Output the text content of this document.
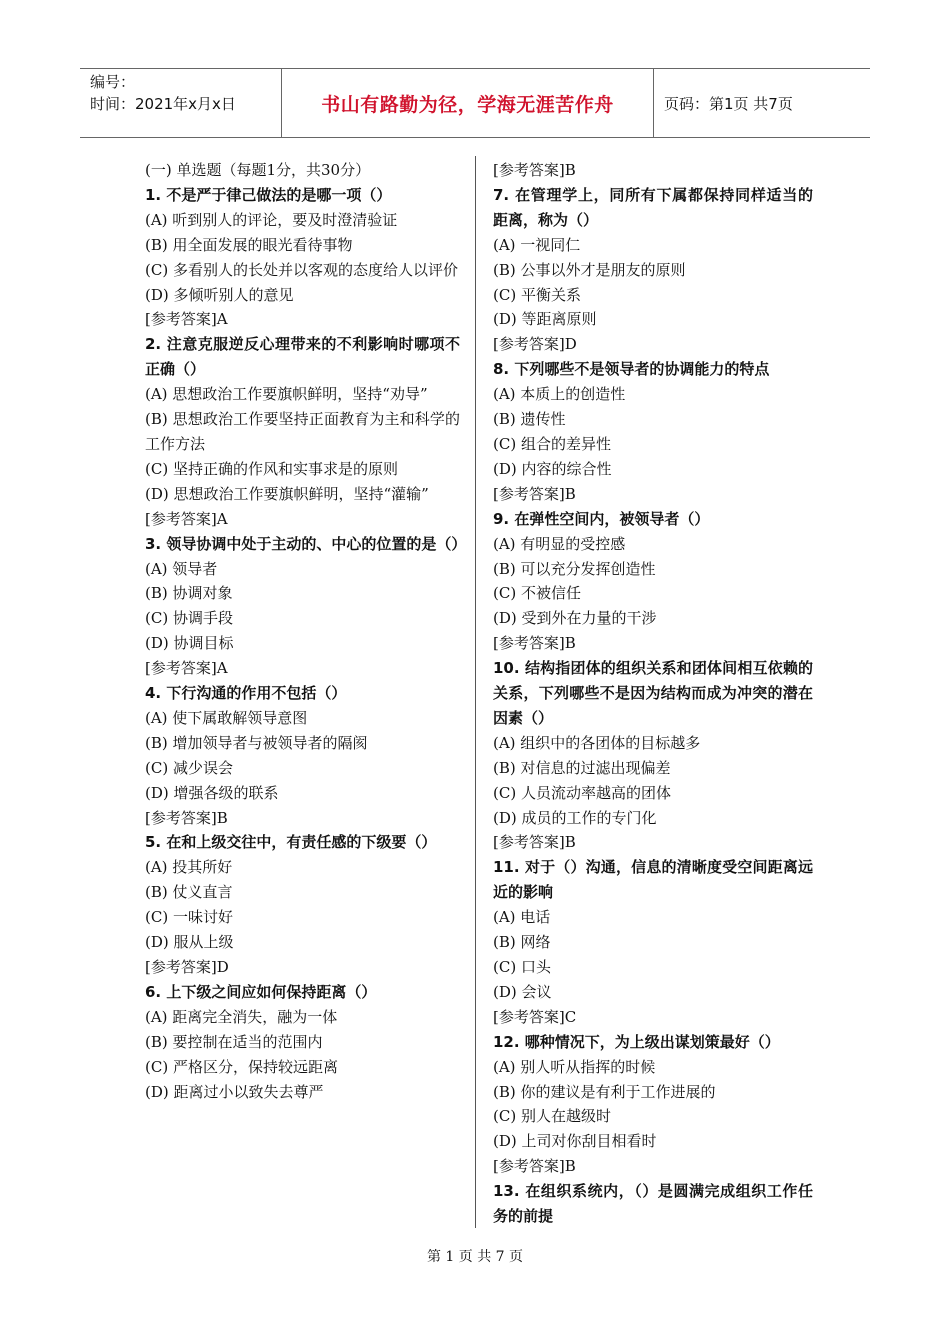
编号：
时间：2021年x月x日	书山有路勤为径，学海无涯苦作舟	页码：第1页 共7页
(一) 单选题（每题1分，共30分）
1. 不是严于律己做法的是哪一项（）
(A) 听到别人的评论，要及时澄清验证
(B) 用全面发展的眼光看待事物
(C) 多看别人的长处并以客观的态度给人以评价
(D) 多倾听别人的意见
[参考答案]A
2. 注意克服逆反心理带来的不利影响时哪项不正确（）
(A) 思想政治工作要旗帜鲜明，坚持“劝导”
(B) 思想政治工作要坚持正面教育为主和科学的工作方法
(C) 坚持正确的作风和实事求是的原则
(D) 思想政治工作要旗帜鲜明，坚持“灌输”
[参考答案]A
3. 领导协调中处于主动的、中心的位置的是（）
(A) 领导者
(B) 协调对象
(C) 协调手段
(D) 协调目标
[参考答案]A
4. 下行沟通的作用不包括（）
(A) 使下属敢解领导意图
(B) 增加领导者与被领导者的隔阂
(C) 减少误会
(D) 增强各级的联系
[参考答案]B
5. 在和上级交往中，有责任感的下级要（）
(A) 投其所好
(B) 仗义直言
(C) 一味讨好
(D) 服从上级
[参考答案]D
6. 上下级之间应如何保持距离（）
(A) 距离完全消失，融为一体
(B) 要控制在适当的范围内
(C) 严格区分，保持较远距离
(D) 距离过小以致失去尊严
[参考答案]B
7. 在管理学上，同所有下属都保持同样适当的距离，称为（）
(A) 一视同仁
(B) 公事以外才是朋友的原则
(C) 平衡关系
(D) 等距离原则
[参考答案]D
8. 下列哪些不是领导者的协调能力的特点
(A) 本质上的创造性
(B) 遗传性
(C) 组合的差异性
(D) 内容的综合性
[参考答案]B
9. 在弹性空间内，被领导者（）
(A) 有明显的受控感
(B) 可以充分发挥创造性
(C) 不被信任
(D) 受到外在力量的干涉
[参考答案]B
10. 结构指团体的组织关系和团体间相互依赖的关系，下列哪些不是因为结构而成为冲突的潜在因素（）
(A) 组织中的各团体的目标越多
(B) 对信息的过滤出现偏差
(C) 人员流动率越高的团体
(D) 成员的工作的专门化
[参考答案]B
11. 对于（）沟通，信息的清晰度受空间距离远近的影响
(A) 电话
(B) 网络
(C) 口头
(D) 会议
[参考答案]C
12. 哪种情况下，为上级出谋划策最好（）
(A) 别人听从指挥的时候
(B) 你的建议是有利于工作进展的
(C) 别人在越级时
(D) 上司对你刮目相看时
[参考答案]B
13. 在组织系统内，（）是圆满完成组织工作任务的前提
第 1 页 共 7 页
